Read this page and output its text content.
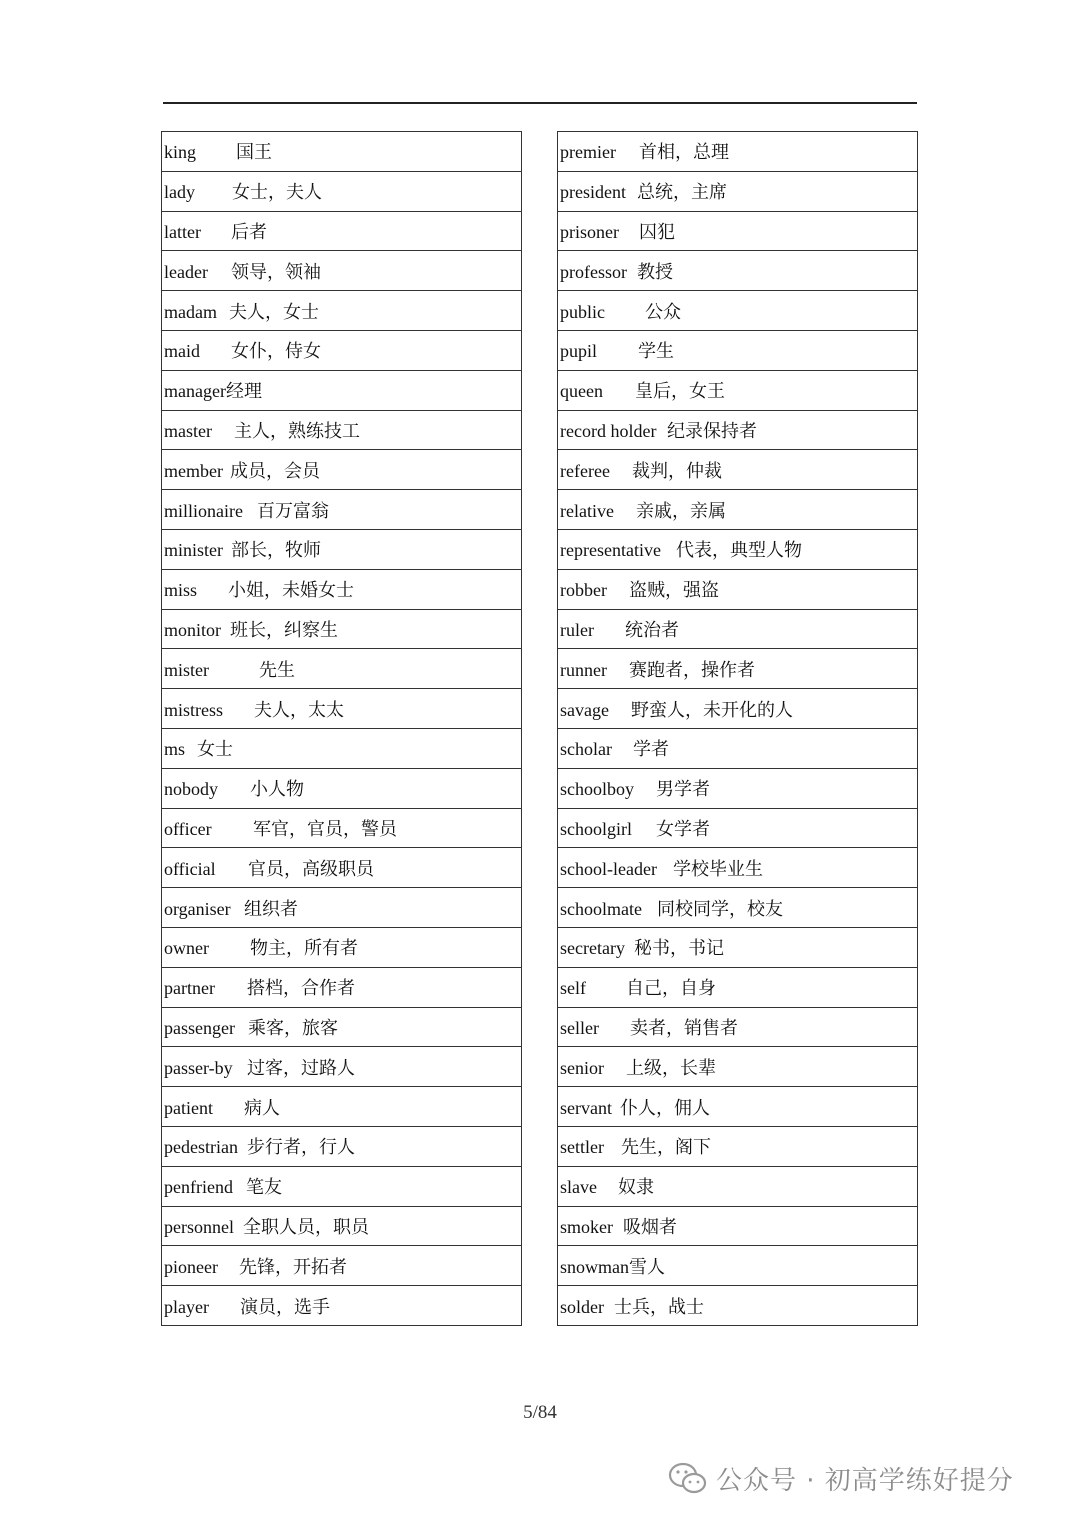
king 国王
lady 女士，夫人
latter 后者
leader 领导，领袖
madam 夫人，女士
maid 女仆，侍女
manager经理
master 主人，熟练技工
member 成员，会员
millionaire 百万富翁
minister 部长，牧师
miss 小姐，未婚女士
monitor 班长，纠察生
mister	先生
mistress 夫人，太太
ms 女士
nobody 小人物
officer 军官，官员，警员
official 官员，高级职员
organiser 组织者
owner 物主，所有者
partner 搭档，合作者
passenger 乘客，旅客
passer-by 过客，过路人
patient 病人
pedestrian 步行者，行人
penfriend 笔友
personnel 全职人员，职员
pioneer 先锋，开拓者
player 演员，选手
premier 首相，总理
president 总统，主席
prisoner 囚犯
professor 教授
public 公众
pupil 学生
queen 皇后，女王
record holder 纪录保持者
referee 裁判，仲裁
relative 亲戚，亲属
representative 代表，典型人物
robber 盗贼，强盗
ruler 统治者
runner 赛跑者，操作者
savage 野蛮人，未开化的人
scholar 学者
schoolboy 男学者
schoolgirl 女学者
school-leader 学校毕业生
schoolmate 同校同学，校友
secretary 秘书，书记
self 自己，自身
seller 卖者，销售者
senior 上级，长辈
servant 仆人，佣人
settler 先生，阁下
slave 奴隶
smoker 吸烟者
snowman雪人
solder 士兵，战士
5/84
公众号 · 初高学练好提分
